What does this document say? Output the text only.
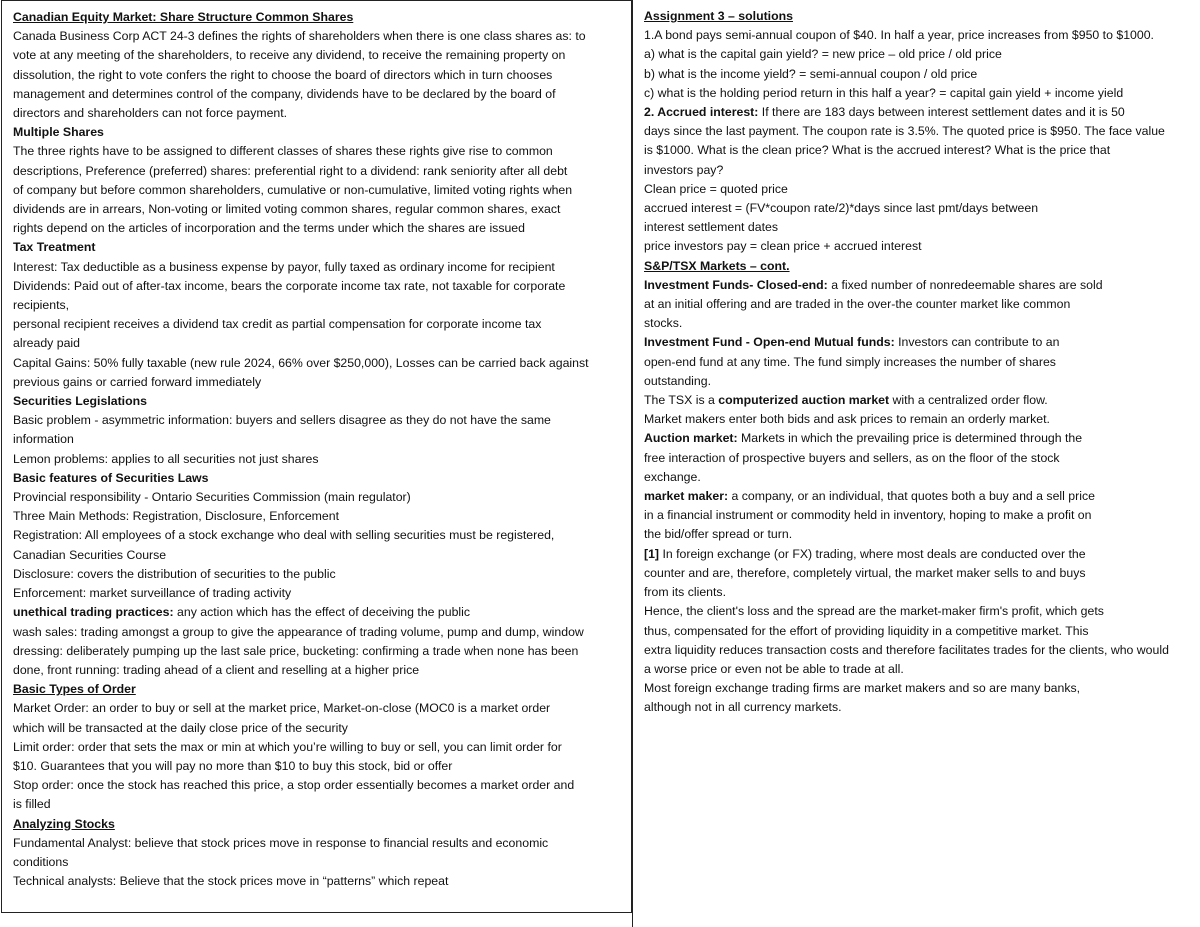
Canadian Equity Market: Share Structure Common Shares
Canada Business Corp ACT 24-3 defines the rights of shareholders when there is one class shares as: to
vote at any meeting of the shareholders, to receive any dividend, to receive the remaining property on
dissolution, the right to vote confers the right to choose the board of directors which in turn chooses
management and determines control of the company, dividends have to be declared by the board of
directors and shareholders can not force payment.
Multiple Shares
The three rights have to be assigned to different classes of shares these rights give rise to common
descriptions, Preference (preferred) shares: preferential right to a dividend: rank seniority after all debt
of company but before common shareholders, cumulative or non-cumulative, limited voting rights when
dividends are in arrears, Non-voting or limited voting common shares, regular common shares, exact
rights depend on the articles of incorporation and the terms under which the shares are issued
Tax Treatment
Interest: Tax deductible as a business expense by payor, fully taxed as ordinary income for recipient
Dividends: Paid out of after-tax income, bears the corporate income tax rate, not taxable for corporate
recipients,
personal recipient receives a dividend tax credit as partial compensation for corporate income tax
already paid
Capital Gains: 50% fully taxable (new rule 2024, 66% over $250,000), Losses can be carried back against
previous gains or carried forward immediately
Securities Legislations
Basic problem - asymmetric information: buyers and sellers disagree as they do not have the same
information
Lemon problems: applies to all securities not just shares
Basic features of Securities Laws
Provincial responsibility - Ontario Securities Commission (main regulator)
Three Main Methods: Registration, Disclosure, Enforcement
Registration: All employees of a stock exchange who deal with selling securities must be registered,
Canadian Securities Course
Disclosure: covers the distribution of securities to the public
Enforcement: market surveillance of trading activity
unethical trading practices: any action which has the effect of deceiving the public
wash sales: trading amongst a group to give the appearance of trading volume, pump and dump, window
dressing: deliberately pumping up the last sale price, bucketing: confirming a trade when none has been
done, front running: trading ahead of a client and reselling at a higher price
Basic Types of Order
Market Order: an order to buy or sell at the market price, Market-on-close (MOC0 is a market order
which will be transacted at the daily close price of the security
Limit order: order that sets the max or min at which you’re willing to buy or sell, you can limit order for
$10. Guarantees that you will pay no more than $10 to buy this stock, bid or offer
Stop order: once the stock has reached this price, a stop order essentially becomes a market order and
is filled
Analyzing Stocks
Fundamental Analyst: believe that stock prices move in response to financial results and economic
conditions
Technical analysts: Believe that the stock prices move in “patterns” which repeat
Assignment 3 – solutions
1.A bond pays semi-annual coupon of $40. In half a year, price increases from $950 to $1000.
a) what is the capital gain yield? = new price – old price / old price
b) what is the income yield? = semi-annual coupon / old price
c) what is the holding period return in this half a year? = capital gain yield + income yield
2. Accrued interest: If there are 183 days between interest settlement dates and it is 50
days since the last payment. The coupon rate is 3.5%. The quoted price is $950. The face value
is $1000. What is the clean price? What is the accrued interest? What is the price that
investors pay?
Clean price = quoted price
accrued interest = (FV*coupon rate/2)*days since last pmt/days between
interest settlement dates
price investors pay = clean price + accrued interest
S&P/TSX Markets – cont.
Investment Funds- Closed-end: a fixed number of nonredeemable shares are sold
at an initial offering and are traded in the over-the counter market like common
stocks.
Investment Fund - Open-end Mutual funds: Investors can contribute to an
open-end fund at any time. The fund simply increases the number of shares
outstanding.
The TSX is a computerized auction market with a centralized order flow.
Market makers enter both bids and ask prices to remain an orderly market.
Auction market: Markets in which the prevailing price is determined through the
free interaction of prospective buyers and sellers, as on the floor of the stock
exchange.
market maker: a company, or an individual, that quotes both a buy and a sell price
in a financial instrument or commodity held in inventory, hoping to make a profit on
the bid/offer spread or turn.
[1] In foreign exchange (or FX) trading, where most deals are conducted over the
counter and are, therefore, completely virtual, the market maker sells to and buys
from its clients.
Hence, the client's loss and the spread are the market-maker firm's profit, which gets
thus, compensated for the effort of providing liquidity in a competitive market. This
extra liquidity reduces transaction costs and therefore facilitates trades for the clients, who would
a worse price or even not be able to trade at all.
Most foreign exchange trading firms are market makers and so are many banks,
although not in all currency markets.
